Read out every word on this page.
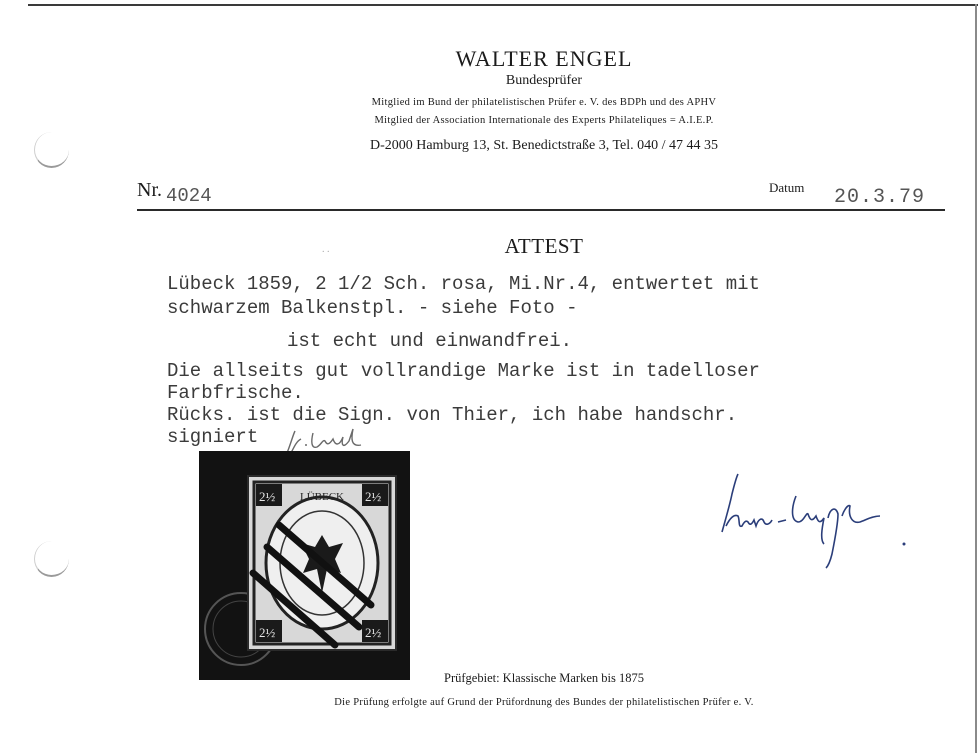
WALTER ENGEL
Bundesprüfer
Mitglied im Bund der philatelistischen Prüfer e. V. des BDPh und des APHV
Mitglied der Association Internationale des Experts Philateliques = A.I.E.P.
D-2000 Hamburg 13, St. Benedictstraße 3, Tel. 040 / 47 44 35
Nr. 4024	Datum 20.3.79
. .	ATTEST
Lübeck 1859, 2 1/2 Sch. rosa, Mi.Nr.4, entwertet mit
schwarzem Balkenstpl. - siehe Foto -
ist echt und einwandfrei.
Die allseits gut vollrandige Marke ist in tadelloser
Farbfrische.
Rücks. ist die Sign. von Thier, ich habe handschr.
signiert
2½	2½
2½	2½
LÜBECK
Prüfgebiet: Klassische Marken bis 1875
Die Prüfung erfolgte auf Grund der Prüfordnung des Bundes der philatelistischen Prüfer e. V.
